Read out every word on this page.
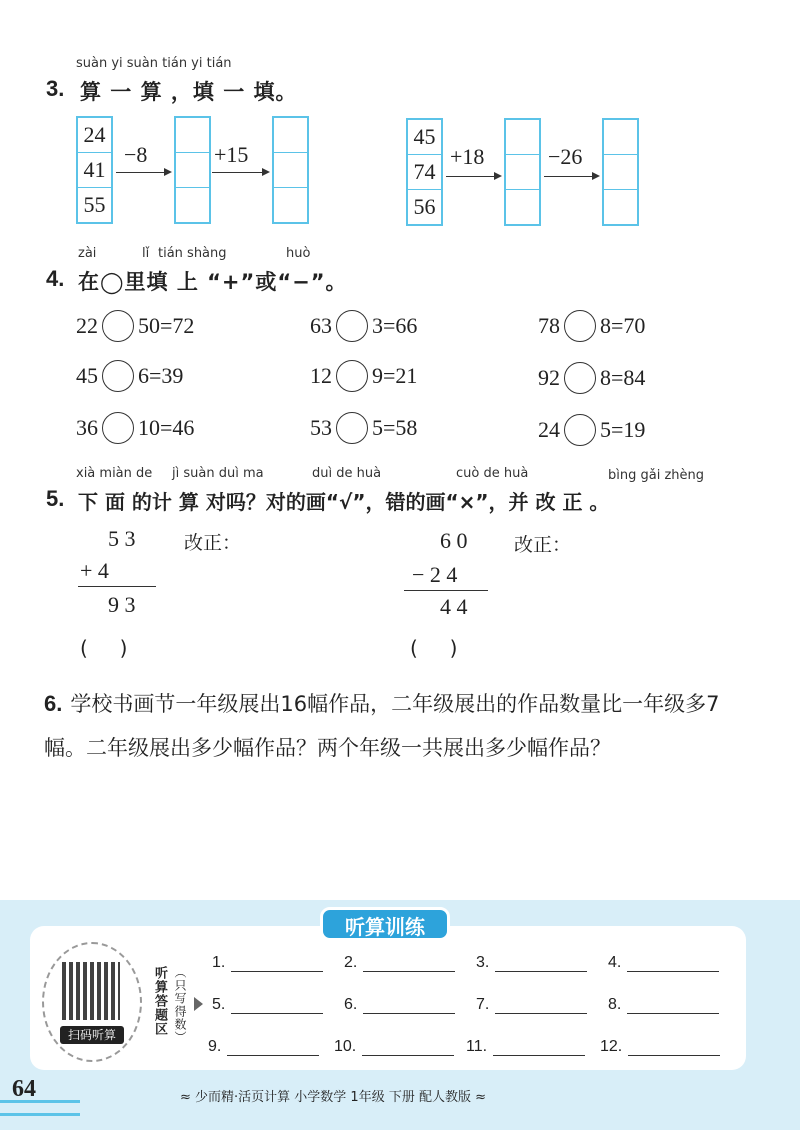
suàn yi suàn tián yi tián
3. 算 一 算 ，填 一 填。
24
41
55
−8	+15
45
74
56
+18	−26
zài	lǐ tián shàng	huò
4. 在◯里填 上 “+”或“−”。
22 50=72	63 3=66	78 8=70
45 6=39	12 9=21	92 8=84
36 10=46	53 5=58	24 5=19
xià miàn de jì suàn duì ma	duì de huà	cuò de huà	bìng gǎi zhèng
5. 下 面 的计 算 对吗？对的画“√”，错的画“×”，并 改 正 。
5 3	改正：
+ 4
9 3
(     )
6 0 改正：
− 2 4
4 4
(     )
6. 学校书画节一年级展出16幅作品，二年级展出的作品数量比一年级多7幅。二年级展出多少幅作品？两个年级一共展出多少幅作品？
听算训练
扫码听算	听算答题区 （只写得数）
1.	2.	3.	4.
5.	6.	7.	8.
9.	10.	11.	12.
64	≈ 少而精·活页计算 小学数学 1年级 下册 配人教版 ≈
